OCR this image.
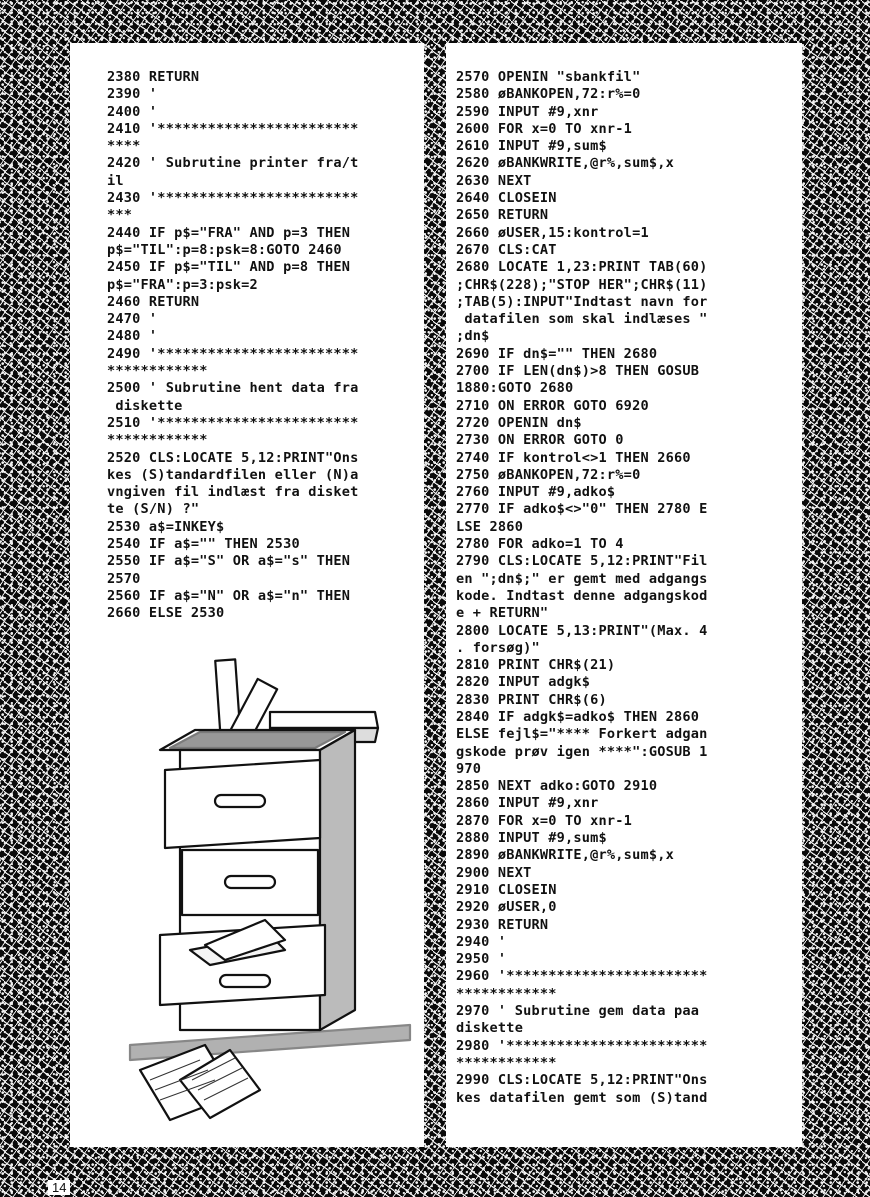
2380 RETURN
2390 '
2400 '
2410 '************************
****
2420 ' Subrutine printer fra/t
il
2430 '************************
***
2440 IF p$="FRA" AND p=3 THEN
p$="TIL":p=8:psk=8:GOTO 2460
2450 IF p$="TIL" AND p=8 THEN
p$="FRA":p=3:psk=2
2460 RETURN
2470 '
2480 '
2490 '************************
************
2500 ' Subrutine hent data fra
diskette
2510 '************************
************
2520 CLS:LOCATE 5,12:PRINT"Ons
kes (S)tandardfilen eller (N)a
vngiven fil indlæst fra disket
te (S/N) ?"
2530 a$=INKEY$
2540 IF a$="" THEN 2530
2550 IF a$="S" OR a$="s" THEN
2570
2560 IF a$="N" OR a$="n" THEN
2660 ELSE 2530
2570 OPENIN "sbankfil"
2580 øBANKOPEN,72:r%=0
2590 INPUT #9,xnr
2600 FOR x=0 TO xnr-1
2610 INPUT #9,sum$
2620 øBANKWRITE,@r%,sum$,x
2630 NEXT
2640 CLOSEIN
2650 RETURN
2660 øUSER,15:kontrol=1
2670 CLS:CAT
2680 LOCATE 1,23:PRINT TAB(60)
;CHR$(228);"STOP HER";CHR$(11)
;TAB(5):INPUT"Indtast navn for
datafilen som skal indlæses "
;dn$
2690 IF dn$="" THEN 2680
2700 IF LEN(dn$)>8 THEN GOSUB
1880:GOTO 2680
2710 ON ERROR GOTO 6920
2720 OPENIN dn$
2730 ON ERROR GOTO 0
2740 IF kontrol<>1 THEN 2660
2750 øBANKOPEN,72:r%=0
2760 INPUT #9,adko$
2770 IF adko$<>"0" THEN 2780 E
LSE 2860
2780 FOR adko=1 TO 4
2790 CLS:LOCATE 5,12:PRINT"Fil
en ";dn$;" er gemt med adgangs
kode. Indtast denne adgangskod
e + RETURN"
2800 LOCATE 5,13:PRINT"(Max. 4
. forsøg)"
2810 PRINT CHR$(21)
2820 INPUT adgk$
2830 PRINT CHR$(6)
2840 IF adgk$=adko$ THEN 2860
ELSE fejl$="**** Forkert adgan
gskode prøv igen ****":GOSUB 1
970
2850 NEXT adko:GOTO 2910
2860 INPUT #9,xnr
2870 FOR x=0 TO xnr-1
2880 INPUT #9,sum$
2890 øBANKWRITE,@r%,sum$,x
2900 NEXT
2910 CLOSEIN
2920 øUSER,0
2930 RETURN
2940 '
2950 '
2960 '************************
************
2970 ' Subrutine gem data paa
diskette
2980 '************************
************
2990 CLS:LOCATE 5,12:PRINT"Ons
kes datafilen gemt som (S)tand
14
